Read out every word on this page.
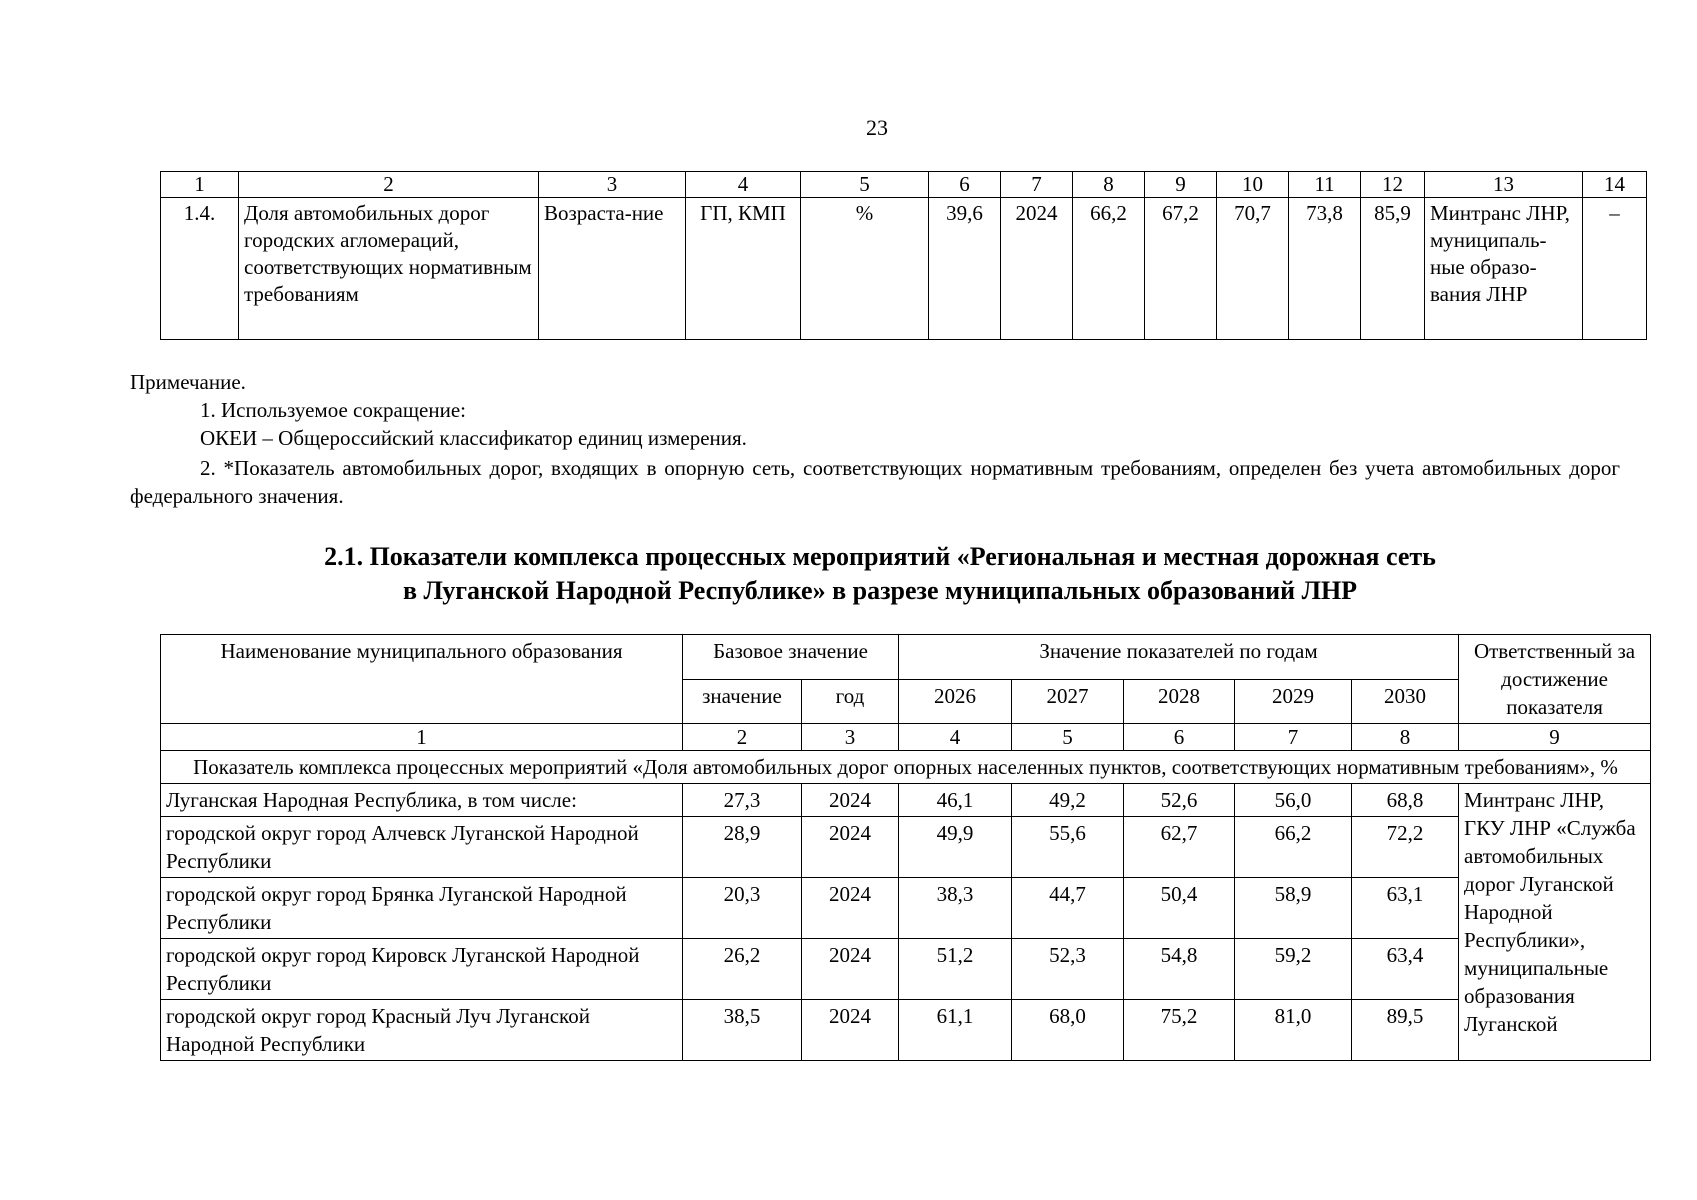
23
1	2	3	4	5	6	7	8	9	10	11	12	13	14
1.4.	Доля автомобильных дорог городских агломераций, соответствующих нормативным требованиям	Возраста-ние	ГП, КМП	%	39,6	2024	66,2	67,2	70,7	73,8	85,9	Минтранс ЛНР, муниципаль-ные образо-вания ЛНР	–
Примечание.
1. Используемое сокращение:
ОКЕИ – Общероссийский классификатор единиц измерения.
2. *Показатель автомобильных дорог, входящих в опорную сеть, соответствующих нормативным требованиям, определен без учета автомобильных дорог федерального значения.
2.1. Показатели комплекса процессных мероприятий «Региональная и местная дорожная сеть
в Луганской Народной Республике» в разрезе муниципальных образований ЛНР
Наименование муниципального образования	Базовое значение		Значение показателей по годам					Ответственный за достижение показателя
	значение	год	2026	2027	2028	2029	2030	
1	2	3	4	5	6	7	8	9
Показатель комплекса процессных мероприятий «Доля автомобильных дорог опорных населенных пунктов, соответствующих нормативным требованиям», %								
Луганская Народная Республика, в том числе:	27,3	2024	46,1	49,2	52,6	56,0	68,8	Минтранс ЛНР, ГКУ ЛНР «Служба автомобильных дорог Луганской Народной Республики», муниципальные образования Луганской
городской округ город Алчевск Луганской Народной Республики	28,9	2024	49,9	55,6	62,7	66,2	72,2	
городской округ город Брянка Луганской Народной Республики	20,3	2024	38,3	44,7	50,4	58,9	63,1	
городской округ город Кировск Луганской Народной Республики	26,2	2024	51,2	52,3	54,8	59,2	63,4	
городской округ город Красный Луч Луганской Народной Республики	38,5	2024	61,1	68,0	75,2	81,0	89,5	
